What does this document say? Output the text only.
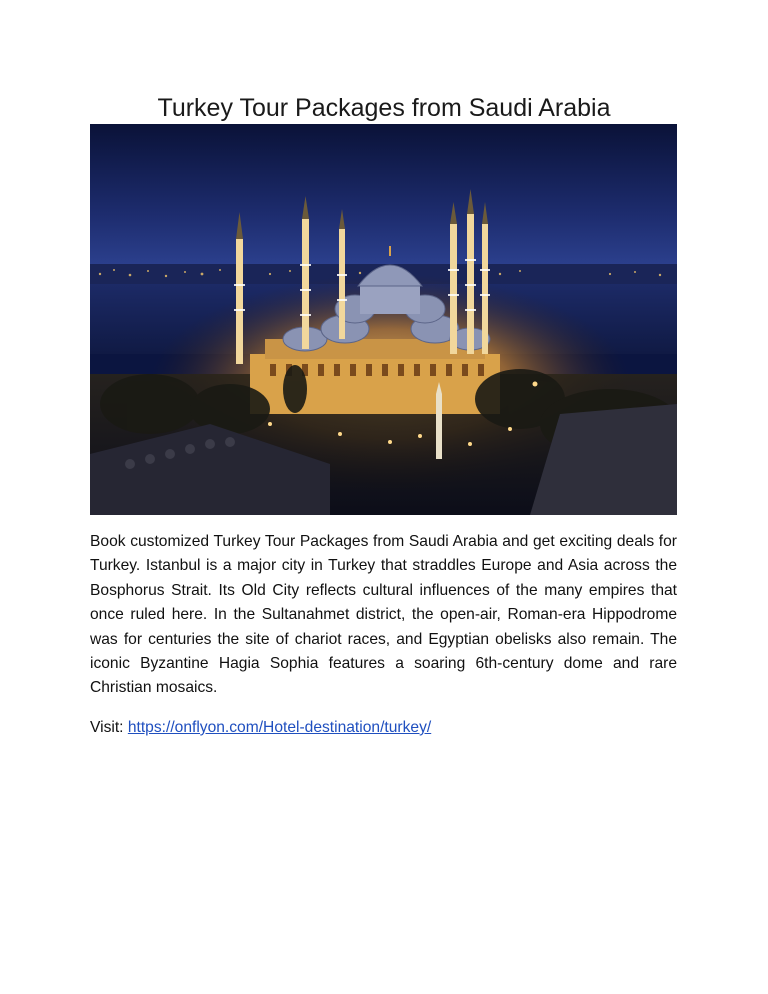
Turkey Tour Packages from Saudi Arabia

Book customized Turkey Tour Packages from Saudi Arabia and get exciting deals for Turkey. Istanbul is a major city in Turkey that straddles Europe and Asia across the Bosphorus Strait. Its Old City reflects cultural influences of the many empires that once ruled here. In the Sultanahmet district, the open-air, Roman-era Hippodrome was for centuries the site of chariot races, and Egyptian obelisks also remain. The iconic Byzantine Hagia Sophia features a soaring 6th-century dome and rare Christian mosaics.

Visit: https://onflyon.com/Hotel-destination/turkey/
